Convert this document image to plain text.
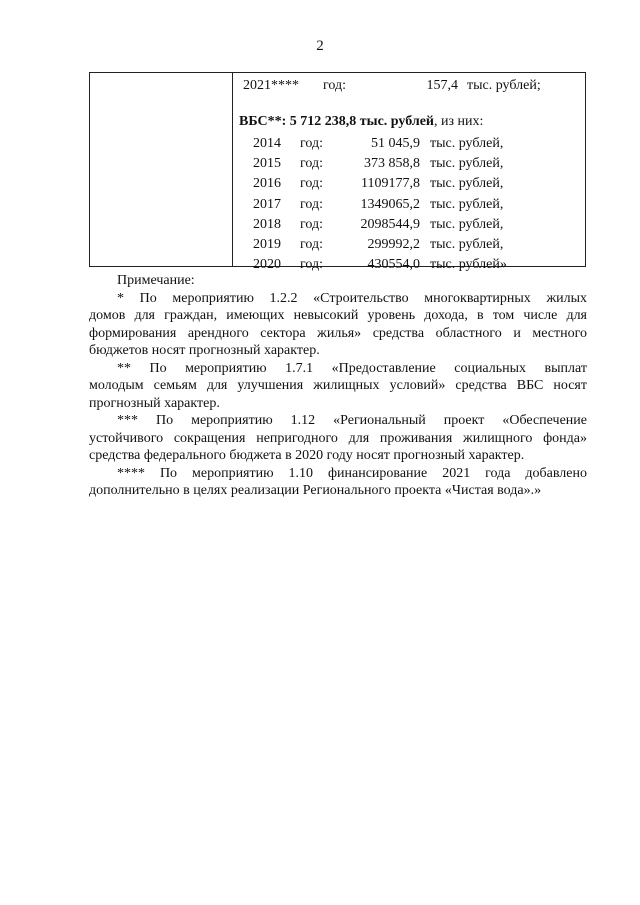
2
2021**** год:	157,4 тыс. рублей;
ВБС**: 5 712 238,8 тыс. рублей, из них:
2014 год:	51 045,9 тыс. рублей,
2015 год:	373 858,8 тыс. рублей,
2016 год:	1109177,8 тыс. рублей,
2017 год:	1349065,2 тыс. рублей,
2018 год:	2098544,9 тыс. рублей,
2019 год:	299992,2 тыс. рублей,
2020 год:	430554,0 тыс. рублей»

Примечание:

* По мероприятию 1.2.2 «Строительство многоквартирных жилых

домов для граждан, имеющих невысокий уровень дохода, в том числе для формирования арендного сектора жилья» средства областного и местного бюджетов носят прогнозный характер.

** По мероприятию 1.7.1 «Предоставление социальных выплат

молодым семьям для улучшения жилищных условий» средства ВБС носят прогнозный характер.

*** По мероприятию 1.12 «Региональный проект «Обеспечение

устойчивого сокращения непригодного для проживания жилищного фонда» средства федерального бюджета в 2020 году носят прогнозный характер.

**** По мероприятию 1.10 финансирование 2021 года добавлено

дополнительно в целях реализации Регионального проекта «Чистая вода».»
